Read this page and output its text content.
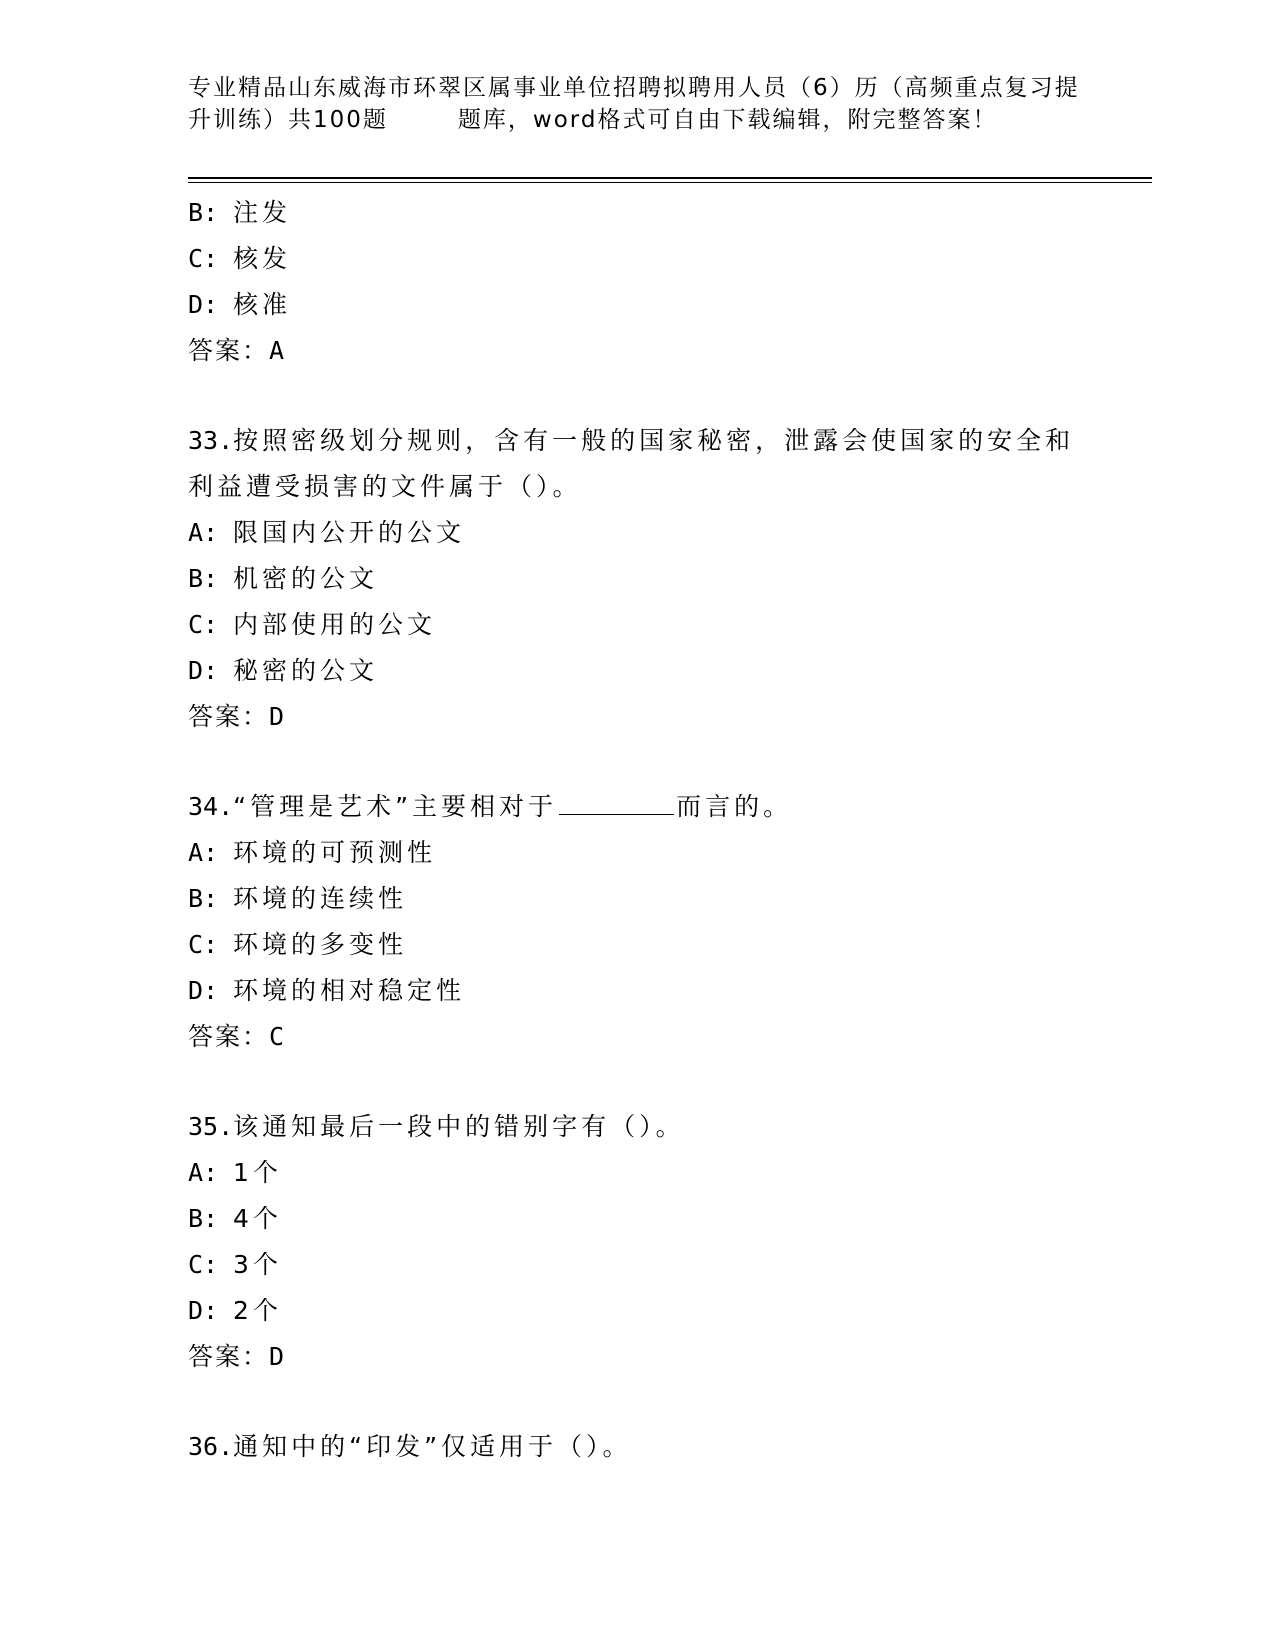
专业精品山东威海市环翠区属事业单位招聘拟聘用人员（6）历（高频重点复习提
升训练）共100题	题库，word格式可自由下载编辑，附完整答案！
B: 注发
C: 核发
D: 核准
答案：A
33.按照密级划分规则，含有一般的国家秘密，泄露会使国家的安全和
利益遭受损害的文件属于（）。
A: 限国内公开的公文
B: 机密的公文
C: 内部使用的公文
D: 秘密的公文
答案：D
34.“管理是艺术”主要相对于	而言的。
A: 环境的可预测性
B: 环境的连续性
C: 环境的多变性
D: 环境的相对稳定性
答案：C
35.该通知最后一段中的错别字有（）。
A: 1个
B: 4个
C: 3个
D: 2个
答案：D
36.通知中的“印发”仅适用于（）。
